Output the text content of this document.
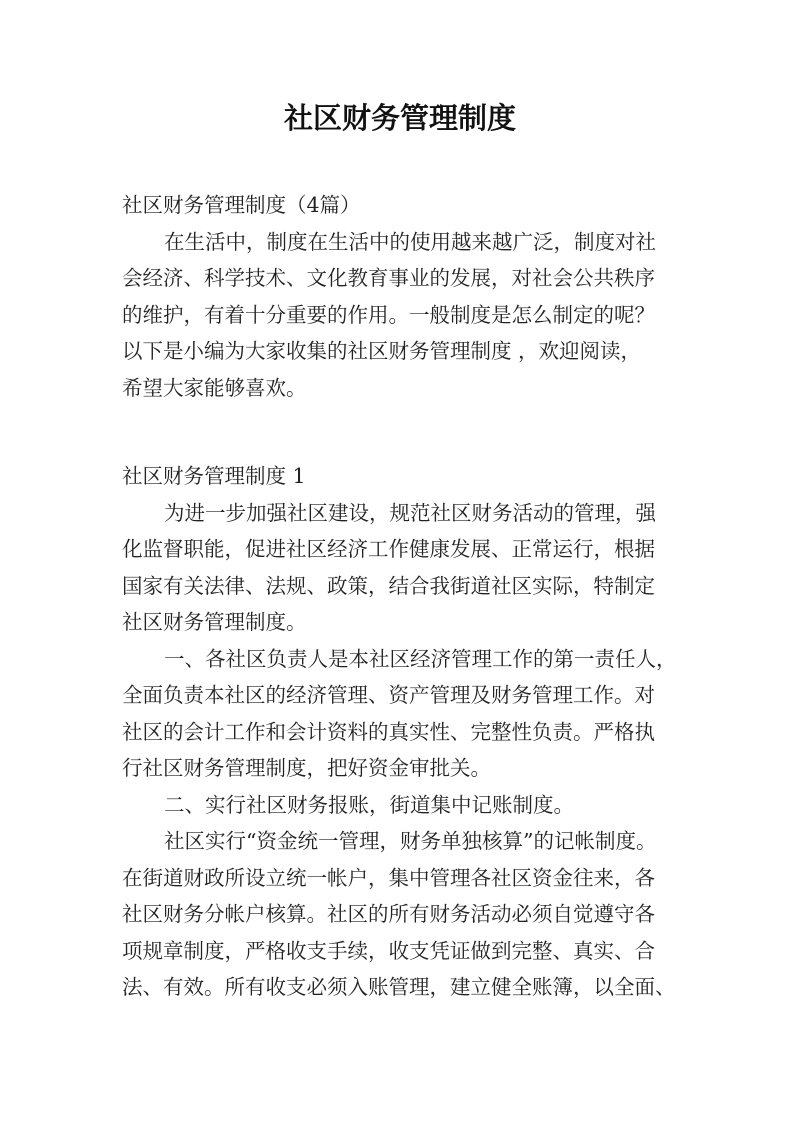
社区财务管理制度
社区财务管理制度（4篇）
在生活中，制度在生活中的使用越来越广泛，制度对社
会经济、科学技术、文化教育事业的发展，对社会公共秩序
的维护，有着十分重要的作用。一般制度是怎么制定的呢？
以下是小编为大家收集的社区财务管理制度 ，欢迎阅读，
希望大家能够喜欢。
社区财务管理制度 1
为进一步加强社区建设，规范社区财务活动的管理，强
化监督职能，促进社区经济工作健康发展、正常运行，根据
国家有关法律、法规、政策，结合我街道社区实际，特制定
社区财务管理制度。
一、各社区负责人是本社区经济管理工作的第一责任人，
全面负责本社区的经济管理、资产管理及财务管理工作。对
社区的会计工作和会计资料的真实性、完整性负责。严格执
行社区财务管理制度，把好资金审批关。
二、实行社区财务报账，街道集中记账制度。
社区实行“资金统一管理，财务单独核算”的记帐制度。
在街道财政所设立统一帐户，集中管理各社区资金往来，各
社区财务分帐户核算。社区的所有财务活动必须自觉遵守各
项规章制度，严格收支手续，收支凭证做到完整、真实、合
法、有效。所有收支必须入账管理，建立健全账簿，以全面、
